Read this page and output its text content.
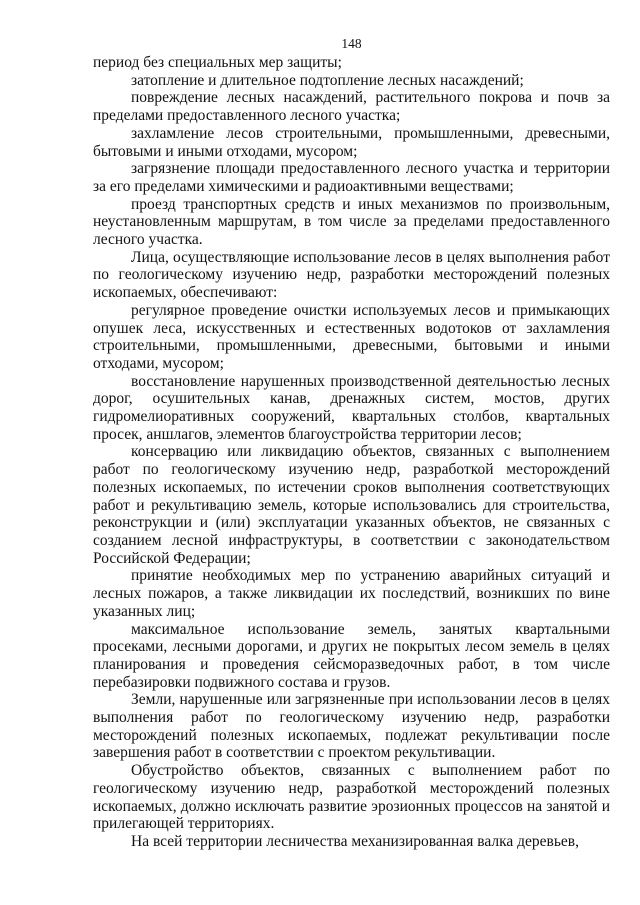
148

период без специальных мер защиты;

затопление и длительное подтопление лесных насаждений;

повреждение лесных насаждений, растительного покрова и почв за пределами предоставленного лесного участка;

захламление лесов строительными, промышленными, древесными, бытовыми и иными отходами, мусором;

загрязнение площади предоставленного лесного участка и территории за его пределами химическими и радиоактивными веществами;

проезд транспортных средств и иных механизмов по произвольным, неустановленным маршрутам, в том числе за пределами предоставленного лесного участка.

Лица, осуществляющие использование лесов в целях выполнения работ по геологическому изучению недр, разработки месторождений полезных ископаемых, обеспечивают:

регулярное проведение очистки используемых лесов и примыкающих опушек леса, искусственных и естественных водотоков от захламления строительными, промышленными, древесными, бытовыми и иными отходами, мусором;

восстановление нарушенных производственной деятельностью лесных дорог, осушительных канав, дренажных систем, мостов, других гидромелиоративных сооружений, квартальных столбов, квартальных просек, аншлагов, элементов благоустройства территории лесов;

консервацию или ликвидацию объектов, связанных с выполнением работ по геологическому изучению недр, разработкой месторождений полезных ископаемых, по истечении сроков выполнения соответствующих работ и рекультивацию земель, которые использовались для строительства, реконструкции и (или) эксплуатации указанных объектов, не связанных с созданием лесной инфраструктуры, в соответствии с законодательством Российской Федерации;

принятие необходимых мер по устранению аварийных ситуаций и лесных пожаров, а также ликвидации их последствий, возникших по вине указанных лиц;

максимальное использование земель, занятых квартальными просеками, лесными дорогами, и других не покрытых лесом земель в целях планирования и проведения сейсморазведочных работ, в том числе перебазировки подвижного состава и грузов.

Земли, нарушенные или загрязненные при использовании лесов в целях выполнения работ по геологическому изучению недр, разработки месторождений полезных ископаемых, подлежат рекультивации после завершения работ в соответствии с проектом рекультивации.

Обустройство объектов, связанных с выполнением работ по геологическому изучению недр, разработкой месторождений полезных ископаемых, должно исключать развитие эрозионных процессов на занятой и прилегающей территориях.

На всей территории лесничества механизированная валка деревьев,
